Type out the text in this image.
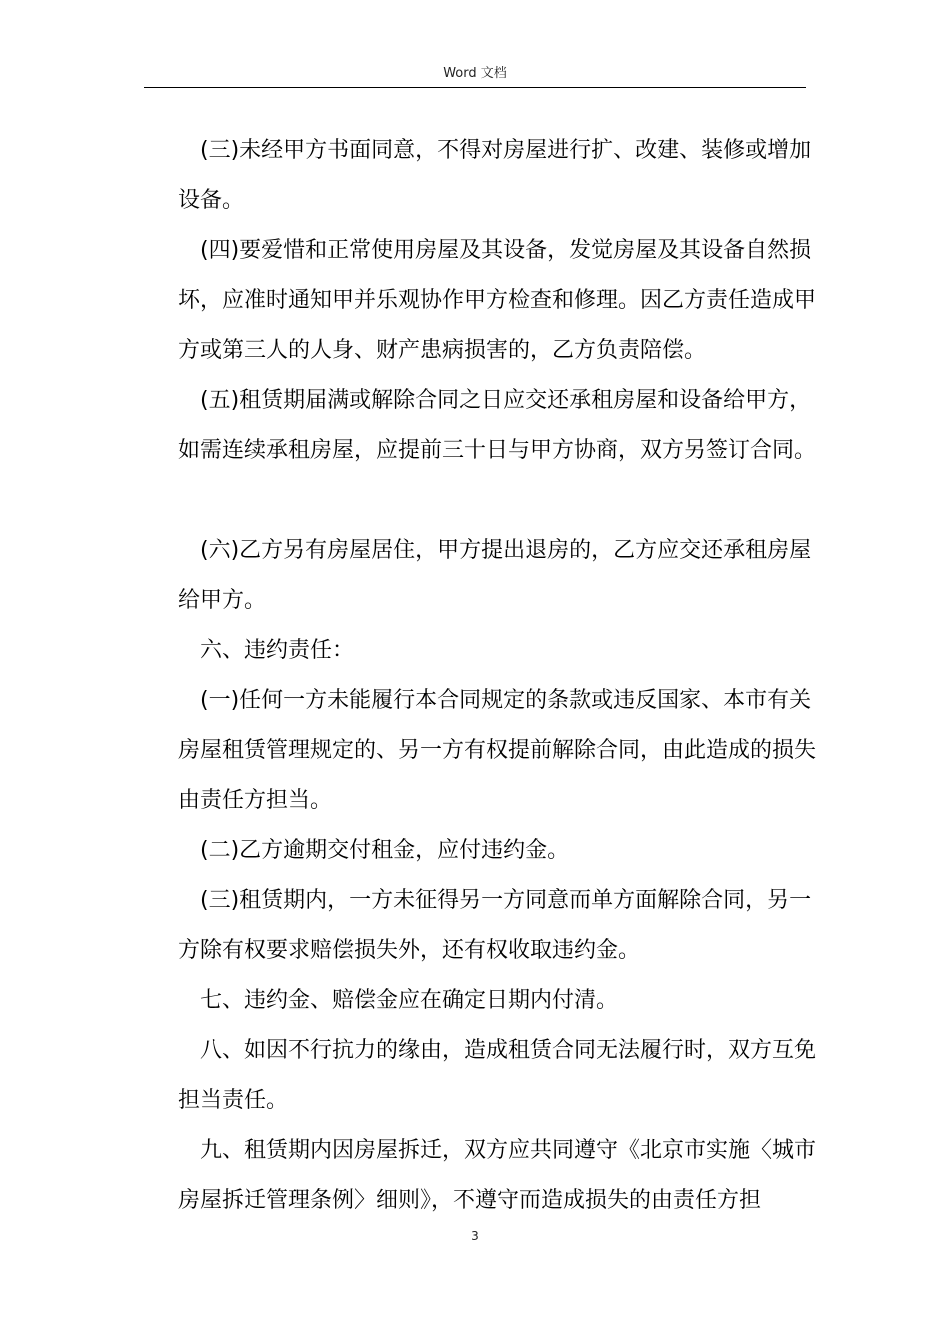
Word 文档

(三)未经甲方书面同意，不得对房屋进行扩、改建、装修或增加设备。

(四)要爱惜和正常使用房屋及其设备，发觉房屋及其设备自然损坏，应准时通知甲并乐观协作甲方检查和修理。因乙方责任造成甲方或第三人的人身、财产患病损害的，乙方负责陪偿。

(五)租赁期届满或解除合同之日应交还承租房屋和设备给甲方，如需连续承租房屋，应提前三十日与甲方协商，双方另签订合同。

(六)乙方另有房屋居住，甲方提出退房的，乙方应交还承租房屋给甲方。

六、违约责任：

(一)任何一方未能履行本合同规定的条款或违反国家、本市有关房屋租赁管理规定的、另一方有权提前解除合同，由此造成的损失由责任方担当。

(二)乙方逾期交付租金，应付违约金。

(三)租赁期内，一方未征得另一方同意而单方面解除合同，另一方除有权要求赔偿损失外，还有权收取违约金。

七、违约金、赔偿金应在确定日期内付清。

八、如因不行抗力的缘由，造成租赁合同无法履行时，双方互免担当责任。

九、租赁期内因房屋拆迁，双方应共同遵守《北京市实施〈城市房屋拆迁管理条例〉细则》，不遵守而造成损失的由责任方担

3
